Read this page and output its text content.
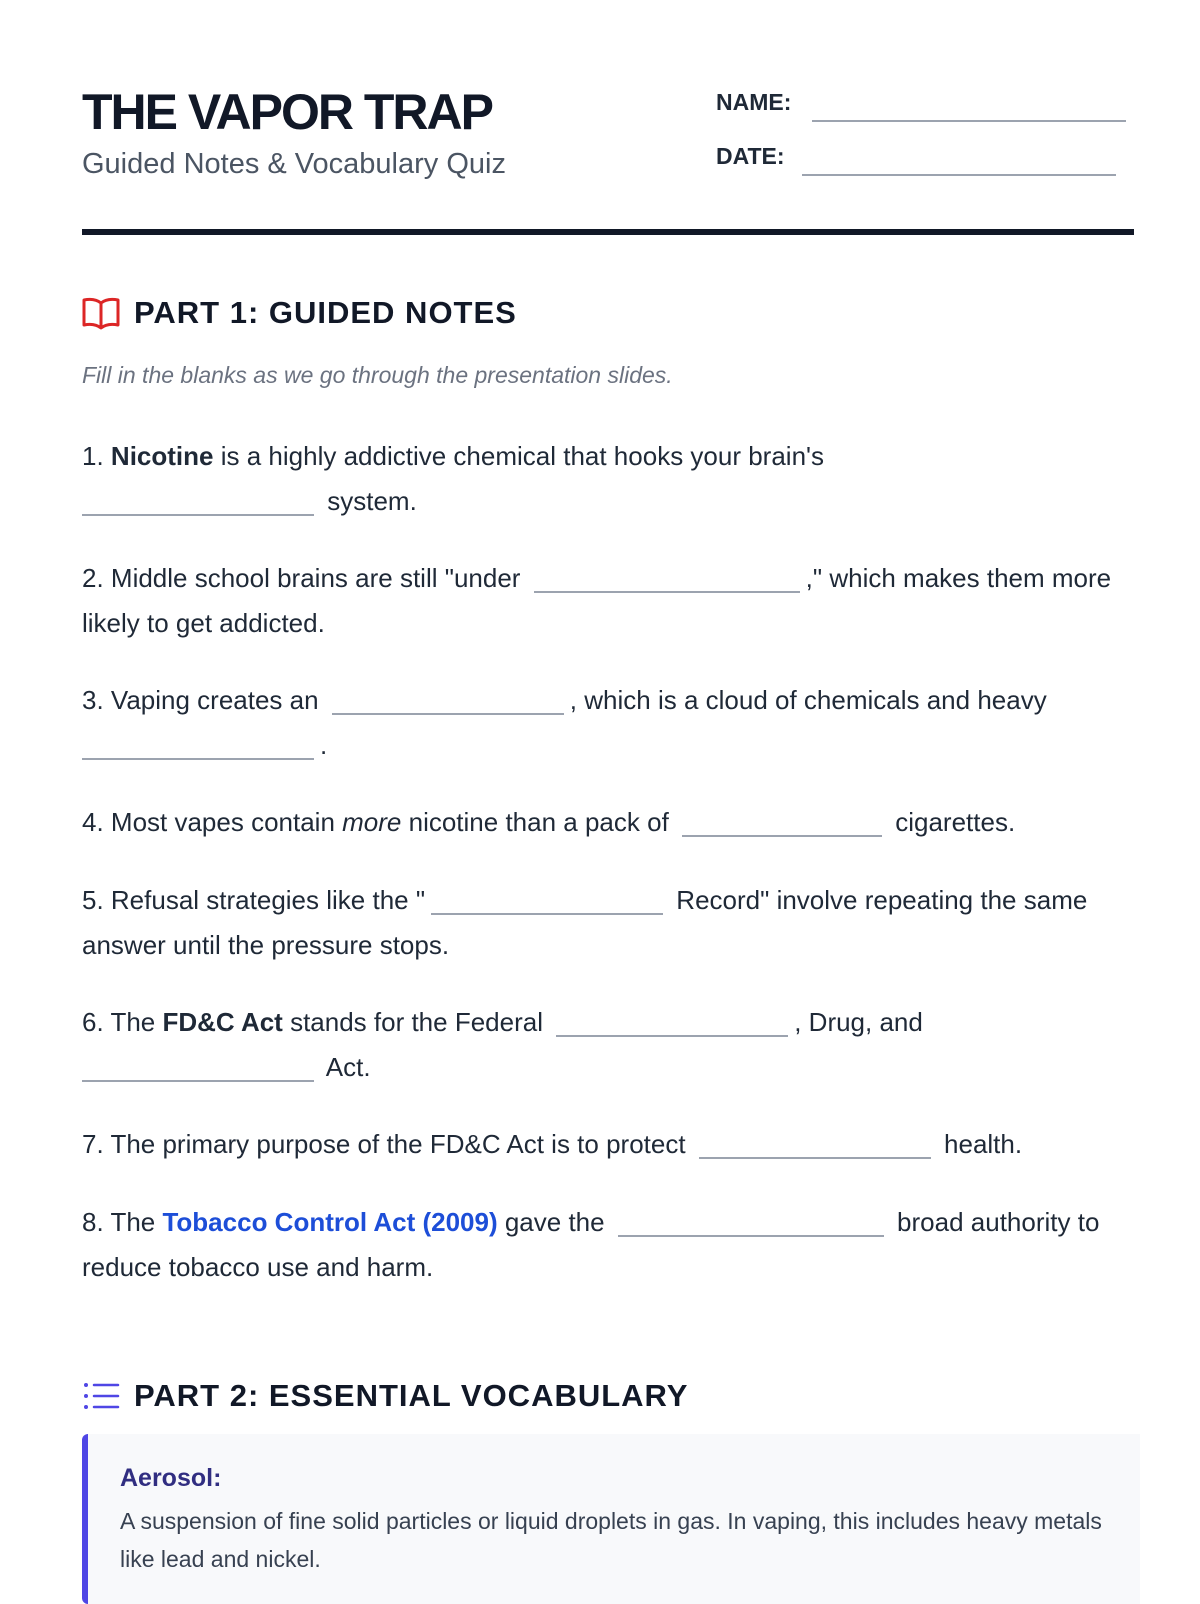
THE VAPOR TRAP
Guided Notes & Vocabulary Quiz
NAME:
DATE:
PART 1: GUIDED NOTES
Fill in the blanks as we go through the presentation slides.
1. Nicotine is a highly addictive chemical that hooks your brain's
system.
2. Middle school brains are still "under	," which makes them more likely to get addicted.
3. Vaping creates an	, which is a cloud of chemicals and heavy
.
4. Most vapes contain more nicotine than a pack of	cigarettes.
5. Refusal strategies like the "	Record" involve repeating the same answer until the pressure stops.
6. The FD&C Act stands for the Federal	, Drug, and
Act.
7. The primary purpose of the FD&C Act is to protect	health.
8. The Tobacco Control Act (2009) gave the	broad authority to reduce tobacco use and harm.
PART 2: ESSENTIAL VOCABULARY
Aerosol:
A suspension of fine solid particles or liquid droplets in gas. In vaping, this includes heavy metals like lead and nickel.
